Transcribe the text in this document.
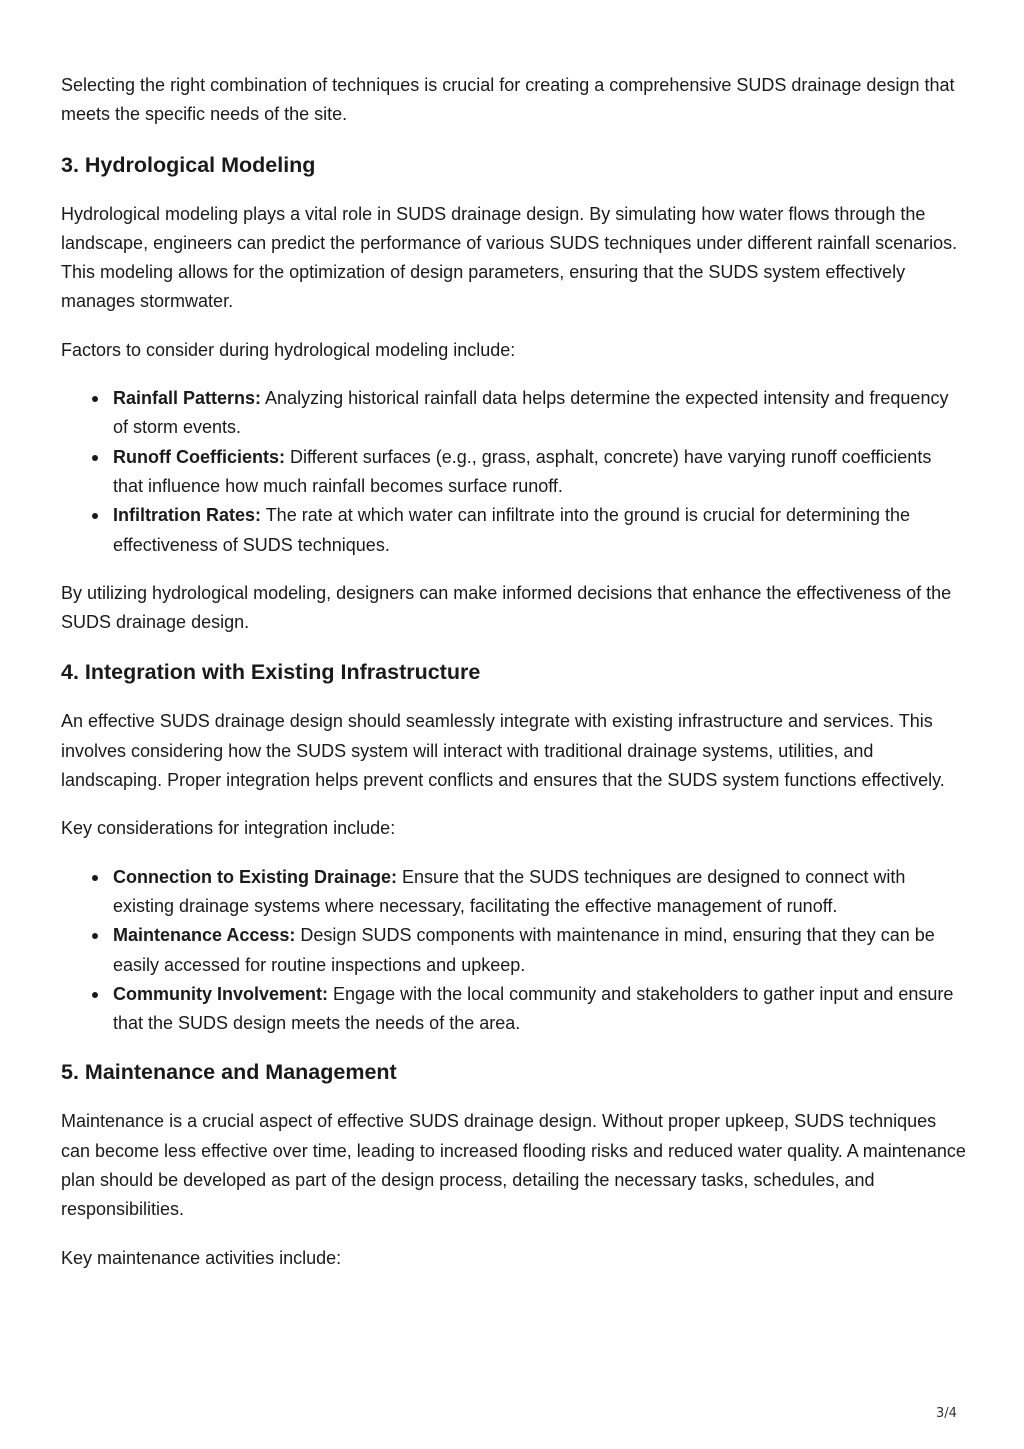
Selecting the right combination of techniques is crucial for creating a comprehensive SUDS drainage design that meets the specific needs of the site.

3. Hydrological Modeling

Hydrological modeling plays a vital role in SUDS drainage design. By simulating how water flows through the landscape, engineers can predict the performance of various SUDS techniques under different rainfall scenarios. This modeling allows for the optimization of design parameters, ensuring that the SUDS system effectively manages stormwater.

Factors to consider during hydrological modeling include:

Rainfall Patterns: Analyzing historical rainfall data helps determine the expected intensity and frequency of storm events.
Runoff Coefficients: Different surfaces (e.g., grass, asphalt, concrete) have varying runoff coefficients that influence how much rainfall becomes surface runoff.
Infiltration Rates: The rate at which water can infiltrate into the ground is crucial for determining the effectiveness of SUDS techniques.

By utilizing hydrological modeling, designers can make informed decisions that enhance the effectiveness of the SUDS drainage design.

4. Integration with Existing Infrastructure

An effective SUDS drainage design should seamlessly integrate with existing infrastructure and services. This involves considering how the SUDS system will interact with traditional drainage systems, utilities, and landscaping. Proper integration helps prevent conflicts and ensures that the SUDS system functions effectively.

Key considerations for integration include:

Connection to Existing Drainage: Ensure that the SUDS techniques are designed to connect with existing drainage systems where necessary, facilitating the effective management of runoff.
Maintenance Access: Design SUDS components with maintenance in mind, ensuring that they can be easily accessed for routine inspections and upkeep.
Community Involvement: Engage with the local community and stakeholders to gather input and ensure that the SUDS design meets the needs of the area.
5. Maintenance and Management

Maintenance is a crucial aspect of effective SUDS drainage design. Without proper upkeep, SUDS techniques can become less effective over time, leading to increased flooding risks and reduced water quality. A maintenance plan should be developed as part of the design process, detailing the necessary tasks, schedules, and responsibilities.

Key maintenance activities include:

3/4
